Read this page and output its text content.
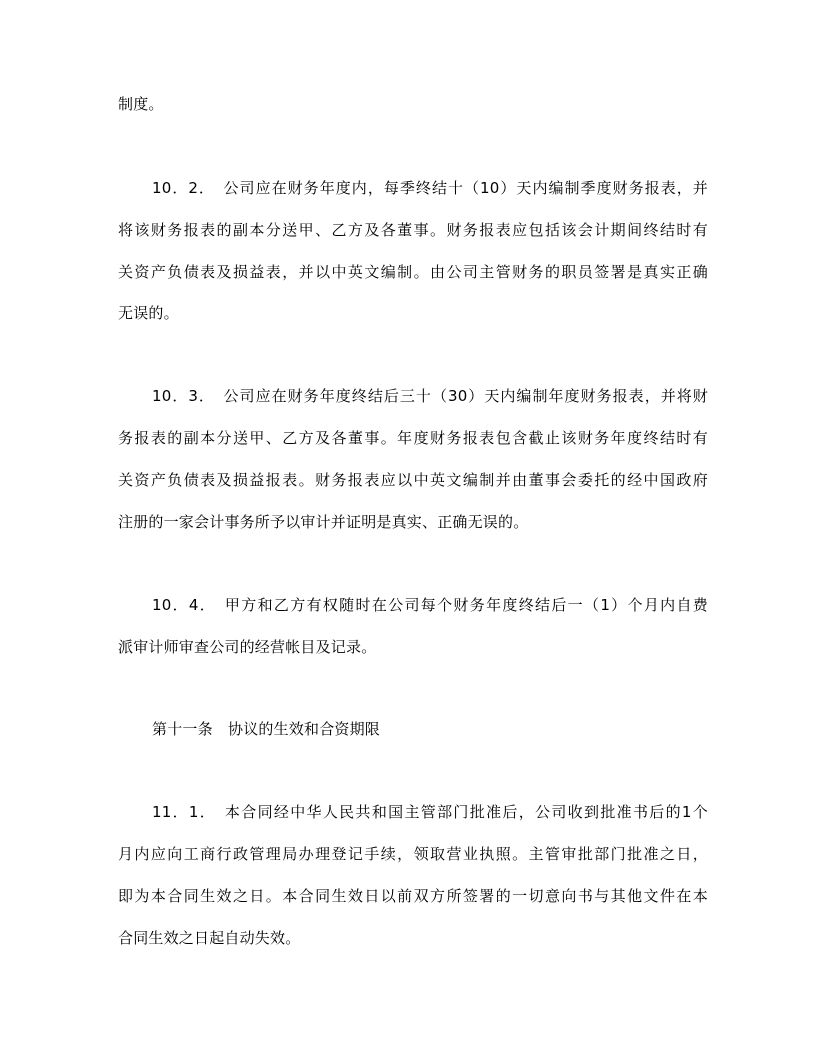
制度。
10．2．　公司应在财务年度内，每季终结十（10）天内编制季度财务报表，并
将该财务报表的副本分送甲、乙方及各董事。财务报表应包括该会计期间终结时有
关资产负债表及损益表，并以中英文编制。由公司主管财务的职员签署是真实正确
无误的。
10．3．　公司应在财务年度终结后三十（30）天内编制年度财务报表，并将财
务报表的副本分送甲、乙方及各董事。年度财务报表包含截止该财务年度终结时有
关资产负债表及损益报表。财务报表应以中英文编制并由董事会委托的经中国政府
注册的一家会计事务所予以审计并证明是真实、正确无误的。
10．4．　甲方和乙方有权随时在公司每个财务年度终结后一（1）个月内自费
派审计师审查公司的经营帐目及记录。
第十一条　协议的生效和合资期限
11．1．　本合同经中华人民共和国主管部门批准后，公司收到批准书后的1个
月内应向工商行政管理局办理登记手续，领取营业执照。主管审批部门批准之日，
即为本合同生效之日。本合同生效日以前双方所签署的一切意向书与其他文件在本
合同生效之日起自动失效。
